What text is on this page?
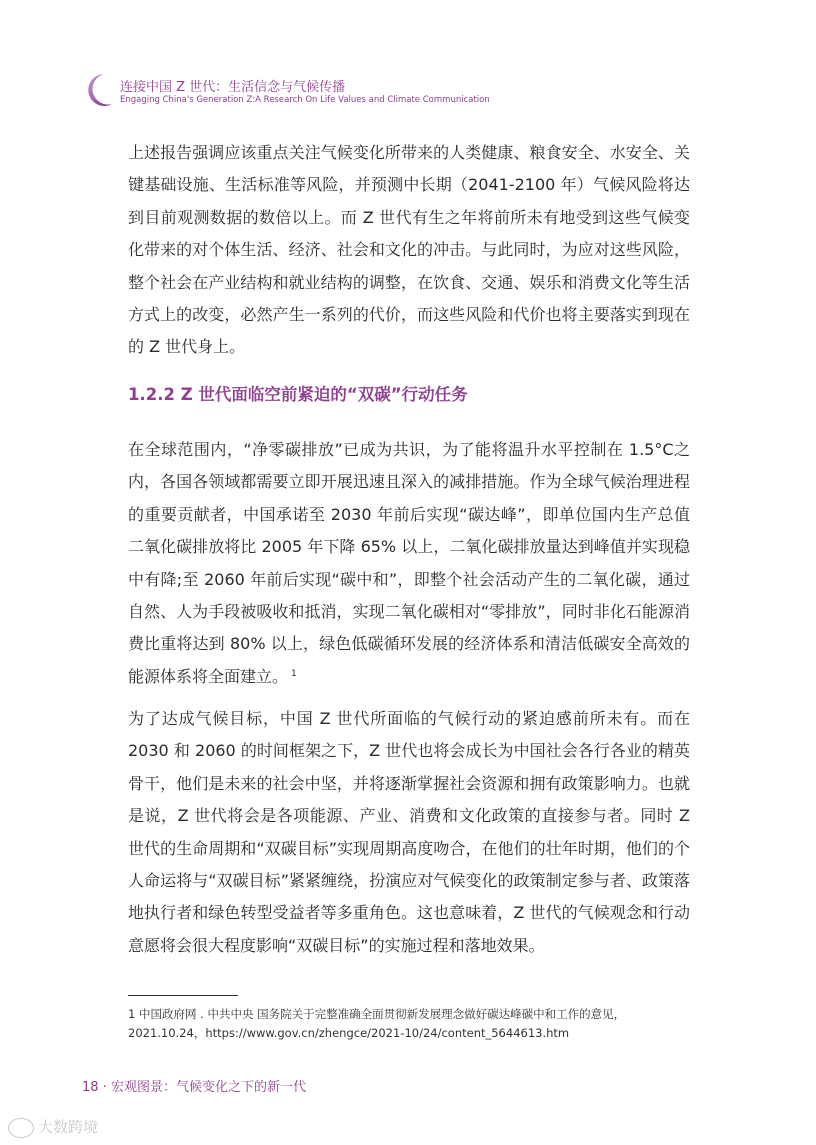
连接中国 Z 世代：生活信念与气候传播
Engaging China's Generation Z:A Research On Life Values and Climate Communication

上述报告强调应该重点关注气候变化所带来的人类健康、粮食安全、水安全、关键基础设施、生活标准等风险，并预测中长期（2041-2100 年）气候风险将达到目前观测数据的数倍以上。而 Z 世代有生之年将前所未有地受到这些气候变化带来的对个体生活、经济、社会和文化的冲击。与此同时，为应对这些风险，整个社会在产业结构和就业结构的调整，在饮食、交通、娱乐和消费文化等生活方式上的改变，必然产生一系列的代价，而这些风险和代价也将主要落实到现在的 Z 世代身上。

1.2.2 Z 世代面临空前紧迫的“双碳”行动任务

在全球范围内，“净零碳排放”已成为共识，为了能将温升水平控制在 1.5°C之内，各国各领域都需要立即开展迅速且深入的减排措施。作为全球气候治理进程的重要贡献者，中国承诺至 2030 年前后实现“碳达峰”，即单位国内生产总值二氧化碳排放将比 2005 年下降 65% 以上，二氧化碳排放量达到峰值并实现稳中有降;至 2060 年前后实现“碳中和”，即整个社会活动产生的二氧化碳，通过自然、人为手段被吸收和抵消，实现二氧化碳相对“零排放”，同时非化石能源消费比重将达到 80% 以上，绿色低碳循环发展的经济体系和清洁低碳安全高效的能源体系将全面建立。 $^1$

为了达成气候目标，中国 Z 世代所面临的气候行动的紧迫感前所未有。而在 2030 和 2060 的时间框架之下，Z 世代也将会成长为中国社会各行各业的精英骨干，他们是未来的社会中坚，并将逐渐掌握社会资源和拥有政策影响力。也就是说，Z 世代将会是各项能源、产业、消费和文化政策的直接参与者。同时 Z 世代的生命周期和“双碳目标”实现周期高度吻合，在他们的壮年时期，他们的个人命运将与“双碳目标”紧紧缠绕，扮演应对气候变化的政策制定参与者、政策落地执行者和绿色转型受益者等多重角色。这也意味着，Z 世代的气候观念和行动意愿将会很大程度影响“双碳目标”的实施过程和落地效果。

1 中国政府网 . 中共中央 国务院关于完整准确全面贯彻新发展理念做好碳达峰碳中和工作的意见，2021.10.24，https://www.gov.cn/zhengce/2021-10/24/content_5644613.htm

18 · 宏观图景：气候变化之下的新一代
大数跨境
